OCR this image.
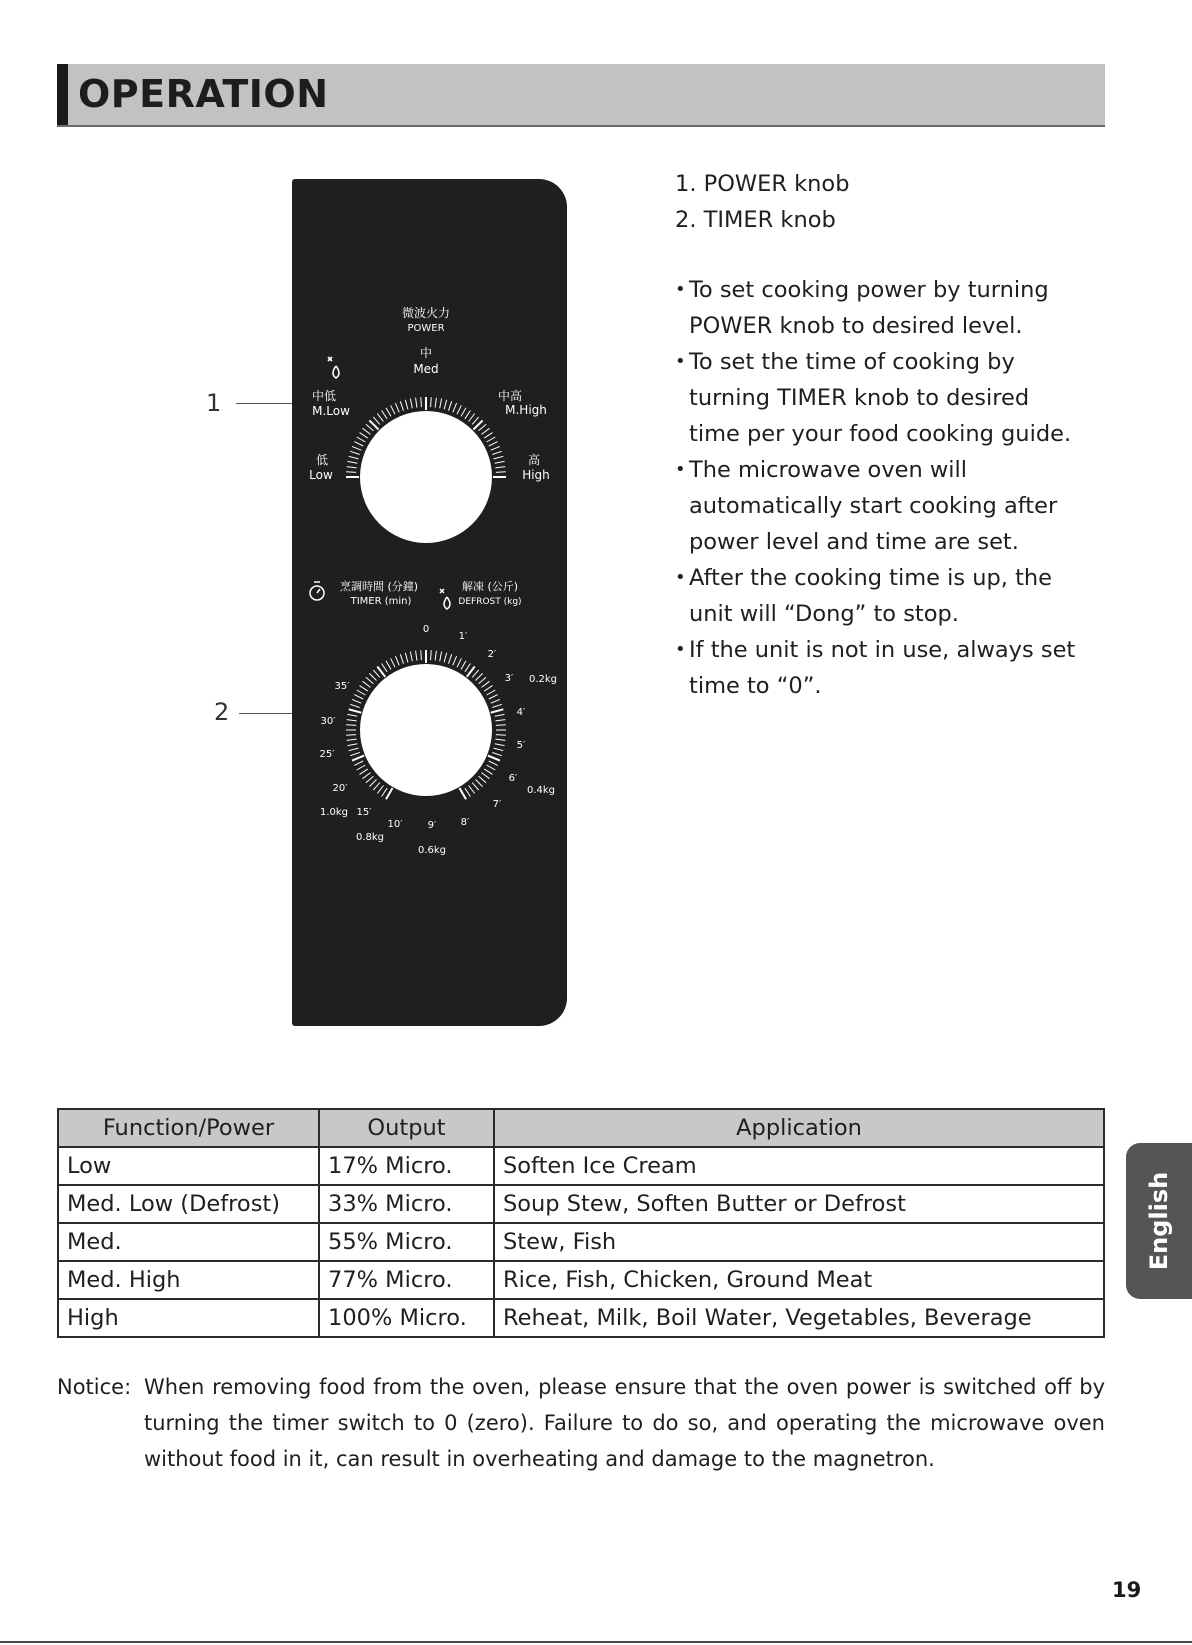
OPERATION
1
2
微波火力
POWER
中
Med
中高
M.High
高
High
中低
M.Low
低
Low
烹調時間 (分鐘)
TIMER (min)
解凍 (公斤)
DEFROST (kg)
0
1′
2′
3′
4′
5′
6′
7′
8′
9′
10′
15′
20′
25′
30′
35′
0.2kg
0.4kg
0.6kg
0.8kg
1.0kg
1. POWER knob
2. TIMER knob
• To set cooking power by turning POWER knob to desired level.
• To set the time of cooking by turning TIMER knob to desired time per your food cooking guide.
• The microwave oven will automatically start cooking after power level and time are set.
• After the cooking time is up, the unit will “Dong” to stop.
• If the unit is not in use, always set time to “0”.
Function/Power	Output	Application
Low	17% Micro.	Soften Ice Cream
Med. Low (Defrost)	33% Micro.	Soup Stew, Soften Butter or Defrost
Med.	55% Micro.	Stew, Fish
Med. High	77% Micro.	Rice, Fish, Chicken, Ground Meat
High	100% Micro.	Reheat, Milk, Boil Water, Vegetables, Beverage
Notice: When removing food from the oven, please ensure that the oven power is switched off by turning the timer switch to 0 (zero). Failure to do so, and operating the microwave oven without food in it, can result in overheating and damage to the magnetron.
English
19
